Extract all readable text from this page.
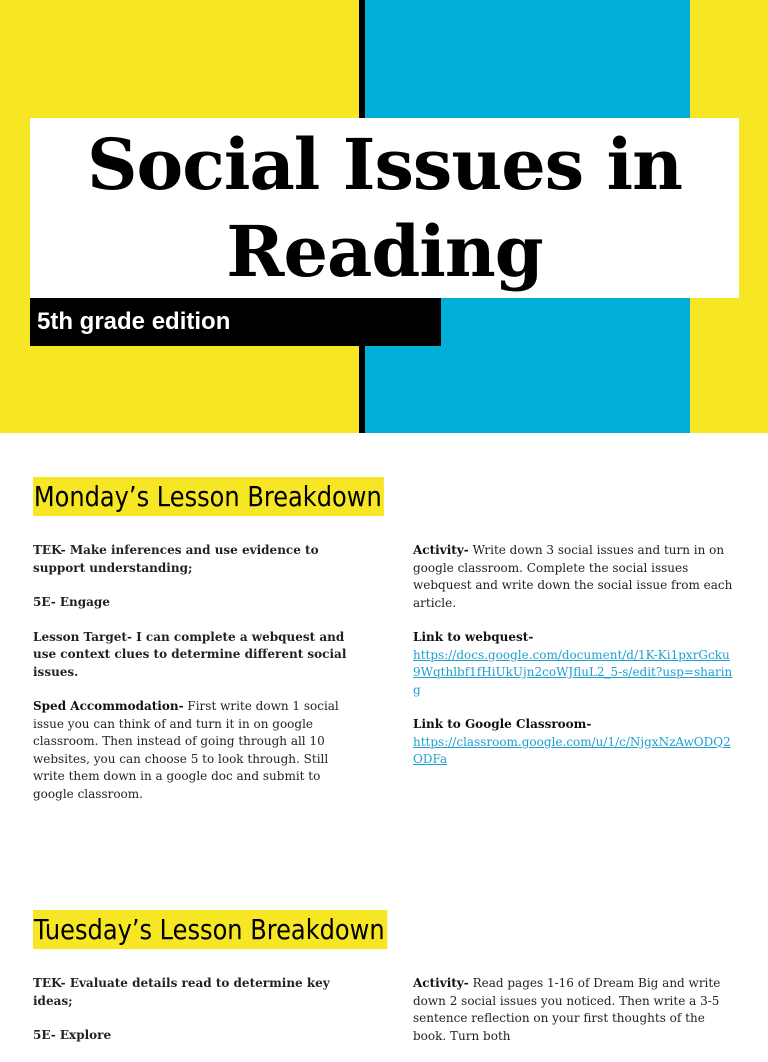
Social Issues in Reading
5th grade edition
Monday’s Lesson Breakdown

TEK- Make inferences and use evidence to support understanding;

5E- Engage

Lesson Target- I can complete a webquest and use context clues to determine different social issues.

Sped Accommodation- First write down 1 social issue you can think of and turn it in on google classroom. Then instead of going through all 10 websites, you can choose 5 to look through. Still write them down in a google doc and submit to google classroom.

Activity- Write down 3 social issues and turn in on google classroom. Complete the social issues webquest and write down the social issue from each article.

Link to webquest-
https://docs.google.com/document/d/1K-Ki1pxrGcku9Wqthlbf1fHiUkUjn2coWJfluL2_5-s/edit?usp=sharing

Link to Google Classroom-
https://classroom.google.com/u/1/c/NjgxNzAwODQ2ODFa

Tuesday’s Lesson Breakdown

TEK- Evaluate details read to determine key ideas;

5E- Explore

Activity- Read pages 1-16 of Dream Big and write down 2 social issues you noticed. Then write a 3-5 sentence reflection on your first thoughts of the book. Turn both
